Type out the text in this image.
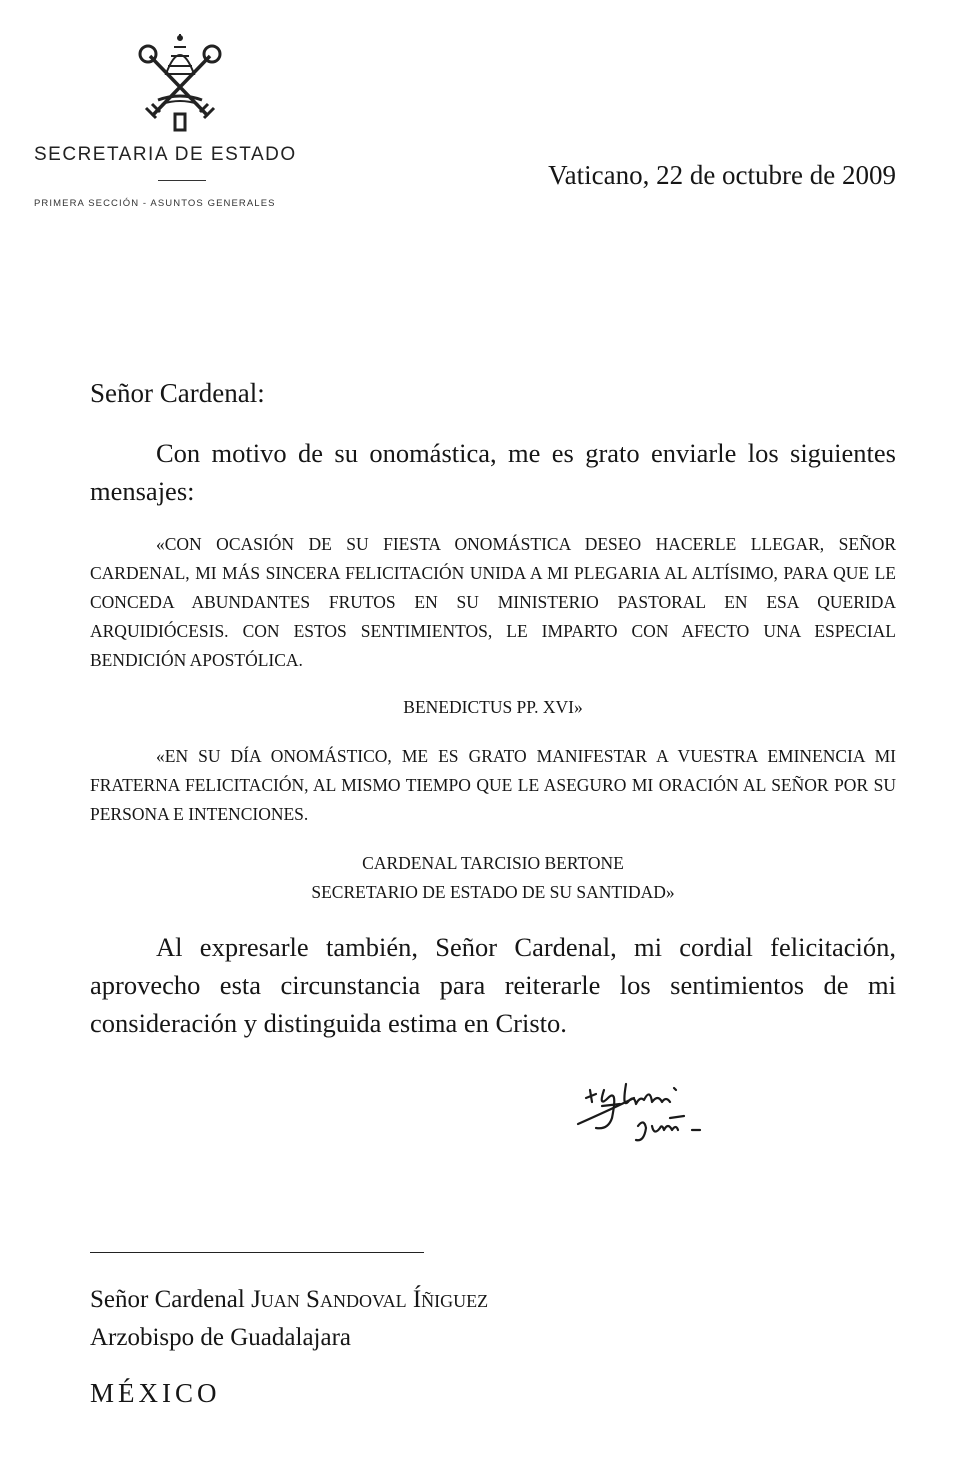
SECRETARIA DE ESTADO
PRIMERA SECCIÓN - ASUNTOS GENERALES
Vaticano, 22 de octubre de 2009
Señor Cardenal:

Con motivo de su onomástica, me es grato enviarle los siguientes mensajes:

«CON OCASIÓN DE SU FIESTA ONOMÁSTICA DESEO HACERLE LLEGAR, SEÑOR CARDENAL, MI MÁS SINCERA FELICITACIÓN UNIDA A MI PLEGARIA AL ALTÍSIMO, PARA QUE LE CONCEDA ABUNDANTES FRUTOS EN SU MINISTERIO PASTORAL EN ESA QUERIDA ARQUIDIÓCESIS. CON ESTOS SENTIMIENTOS, LE IMPARTO CON AFECTO UNA ESPECIAL BENDICIÓN APOSTÓLICA.

BENEDICTUS PP. XVI»

«EN SU DÍA ONOMÁSTICO, ME ES GRATO MANIFESTAR A VUESTRA EMINENCIA MI FRATERNA FELICITACIÓN, AL MISMO TIEMPO QUE LE ASEGURO MI ORACIÓN AL SEÑOR POR SU PERSONA E INTENCIONES.

CARDENAL TARCISIO BERTONE
SECRETARIO DE ESTADO DE SU SANTIDAD»

Al expresarle también, Señor Cardenal, mi cordial felicitación, aprovecho esta circunstancia para reiterarle los sentimientos de mi consideración y distinguida estima en Cristo.

Señor Cardenal Juan Sandoval Íñiguez
Arzobispo de Guadalajara
MÉXICO
